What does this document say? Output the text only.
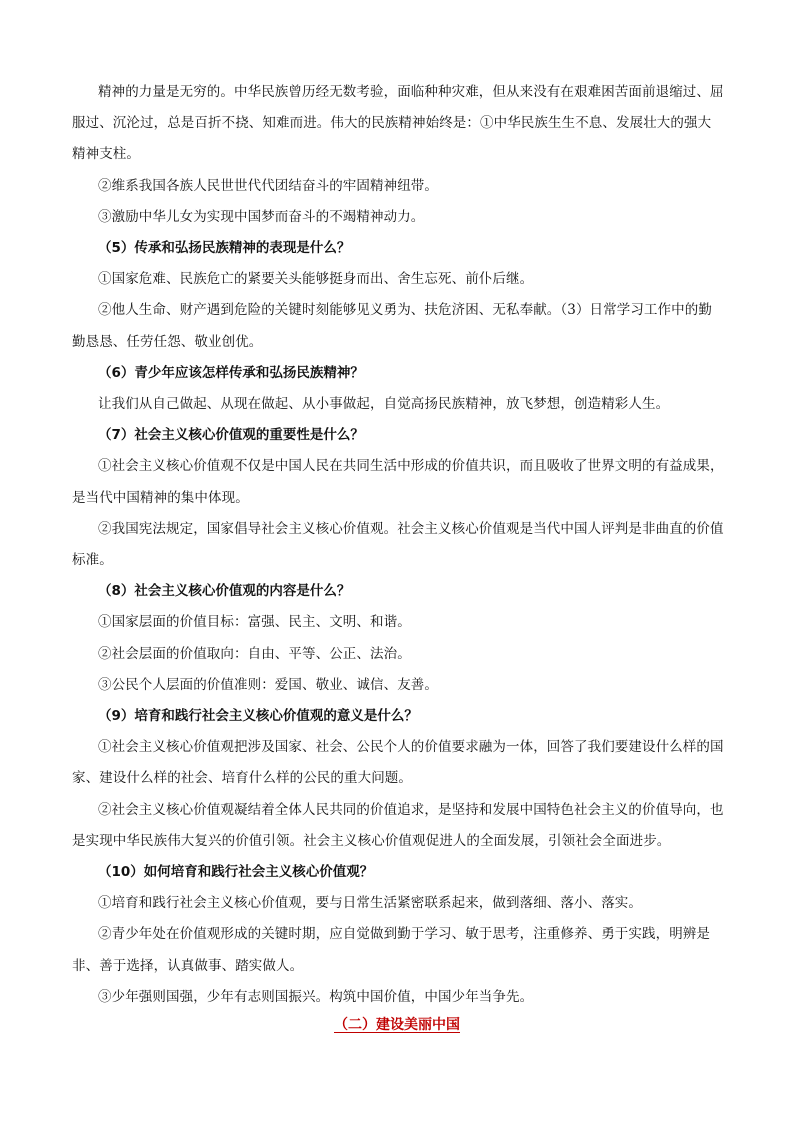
精神的力量是无穷的。中华民族曾历经无数考验，面临种种灾难，但从来没有在艰难困苦面前退缩过、屈服过、沉沦过，总是百折不挠、知难而进。伟大的民族精神始终是：①中华民族生生不息、发展壮大的强大精神支柱。

②维系我国各族人民世世代代团结奋斗的牢固精神纽带。

③激励中华儿女为实现中国梦而奋斗的不竭精神动力。

（5）传承和弘扬民族精神的表现是什么？

①国家危难、民族危亡的紧要关头能够挺身而出、舍生忘死、前仆后继。

②他人生命、财产遇到危险的关键时刻能够见义勇为、扶危济困、无私奉献。（3）日常学习工作中的勤勤恳恳、任劳任怨、敬业创优。

（6）青少年应该怎样传承和弘扬民族精神？

让我们从自己做起、从现在做起、从小事做起，自觉高扬民族精神，放飞梦想，创造精彩人生。

（7）社会主义核心价值观的重要性是什么？

①社会主义核心价值观不仅是中国人民在共同生活中形成的价值共识，而且吸收了世界文明的有益成果，是当代中国精神的集中体现。

②我国宪法规定，国家倡导社会主义核心价值观。社会主义核心价值观是当代中国人评判是非曲直的价值标准。

（8）社会主义核心价值观的内容是什么？

①国家层面的价值目标：富强、民主、文明、和谐。

②社会层面的价值取向：自由、平等、公正、法治。

③公民个人层面的价值准则：爱国、敬业、诚信、友善。

（9）培育和践行社会主义核心价值观的意义是什么？

①社会主义核心价值观把涉及国家、社会、公民个人的价值要求融为一体，回答了我们要建设什么样的国家、建设什么样的社会、培育什么样的公民的重大问题。

②社会主义核心价值观凝结着全体人民共同的价值追求，是坚持和发展中国特色社会主义的价值导向，也是实现中华民族伟大复兴的价值引领。社会主义核心价值观促进人的全面发展，引领社会全面进步。

（10）如何培育和践行社会主义核心价值观？

①培育和践行社会主义核心价值观，要与日常生活紧密联系起来，做到落细、落小、落实。

②青少年处在价值观形成的关键时期，应自觉做到勤于学习、敏于思考，注重修养、勇于实践，明辨是非、善于选择，认真做事、踏实做人。

③少年强则国强，少年有志则国振兴。构筑中国价值，中国少年当争先。

（二）建设美丽中国
